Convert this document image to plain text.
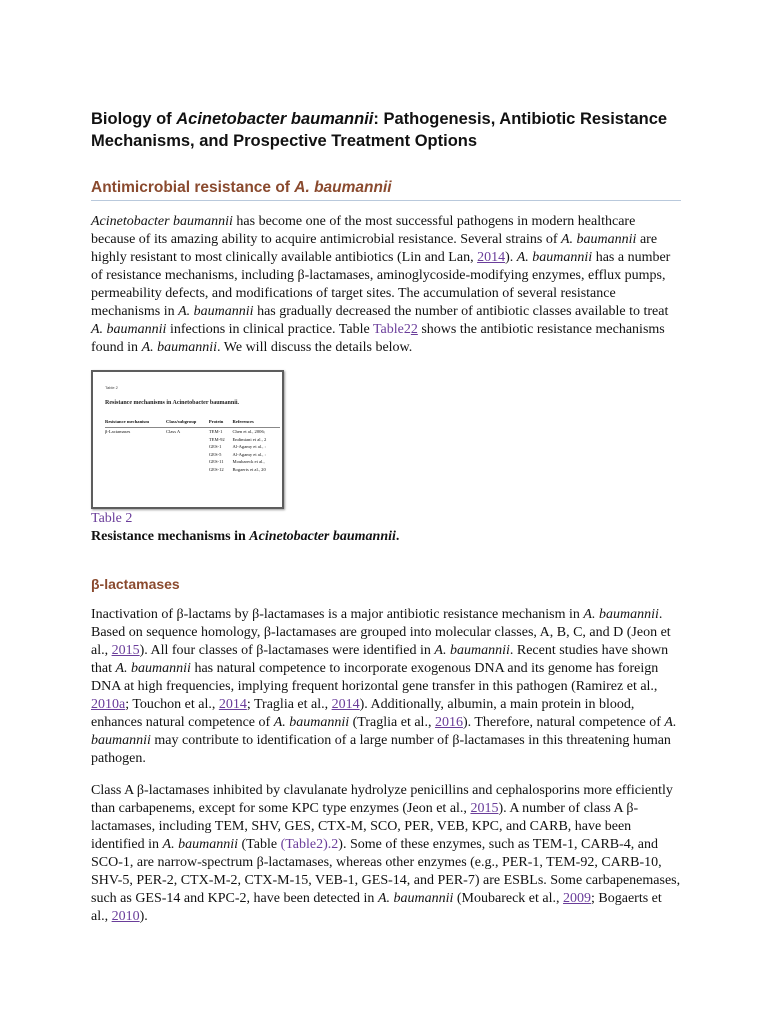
Biology of Acinetobacter baumannii: Pathogenesis, Antibiotic Resistance Mechanisms, and Prospective Treatment Options
Antimicrobial resistance of A. baumannii

Acinetobacter baumannii has become one of the most successful pathogens in modern healthcare because of its amazing ability to acquire antimicrobial resistance. Several strains of A. baumannii are highly resistant to most clinically available antibiotics (Lin and Lan, 2014). A. baumannii has a number of resistance mechanisms, including β-lactamases, aminoglycoside-modifying enzymes, efflux pumps, permeability defects, and modifications of target sites. The accumulation of several resistance mechanisms in A. baumannii has gradually decreased the number of antibiotic classes available to treat A. baumannii infections in clinical practice. Table Table22 shows the antibiotic resistance mechanisms found in A. baumannii. We will discuss the details below.

Table 2
Resistance mechanisms in Acinetobacter baumannii.
Resistance mechanism	Class/subgroup	Protein	References
β-Lactamases	Class A	TEM-1	Chen et al., 2006;
		TEM-92	Endimiani et al., 2
		GES-1	Al-Agamy et al., :
		GES-5	Al-Agamy et al., :
		GES-11	Moubareck et al.,
		GES-12	Bogaerts et al., 20
Table 2
Resistance mechanisms in Acinetobacter baumannii.
β-lactamases

Inactivation of β-lactams by β-lactamases is a major antibiotic resistance mechanism in A. baumannii. Based on sequence homology, β-lactamases are grouped into molecular classes, A, B, C, and D (Jeon et al., 2015). All four classes of β-lactamases were identified in A. baumannii. Recent studies have shown that A. baumannii has natural competence to incorporate exogenous DNA and its genome has foreign DNA at high frequencies, implying frequent horizontal gene transfer in this pathogen (Ramirez et al., 2010a; Touchon et al., 2014; Traglia et al., 2014). Additionally, albumin, a main protein in blood, enhances natural competence of A. baumannii (Traglia et al., 2016). Therefore, natural competence of A. baumannii may contribute to identification of a large number of β-lactamases in this threatening human pathogen.

Class A β-lactamases inhibited by clavulanate hydrolyze penicillins and cephalosporins more efficiently than carbapenems, except for some KPC type enzymes (Jeon et al., 2015). A number of class A β-lactamases, including TEM, SHV, GES, CTX-M, SCO, PER, VEB, KPC, and CARB, have been identified in A. baumannii (Table (Table2).2). Some of these enzymes, such as TEM-1, CARB-4, and SCO-1, are narrow-spectrum β-lactamases, whereas other enzymes (e.g., PER-1, TEM-92, CARB-10, SHV-5, PER-2, CTX-M-2, CTX-M-15, VEB-1, GES-14, and PER-7) are ESBLs. Some carbapenemases, such as GES-14 and KPC-2, have been detected in A. baumannii (Moubareck et al., 2009; Bogaerts et al., 2010).
